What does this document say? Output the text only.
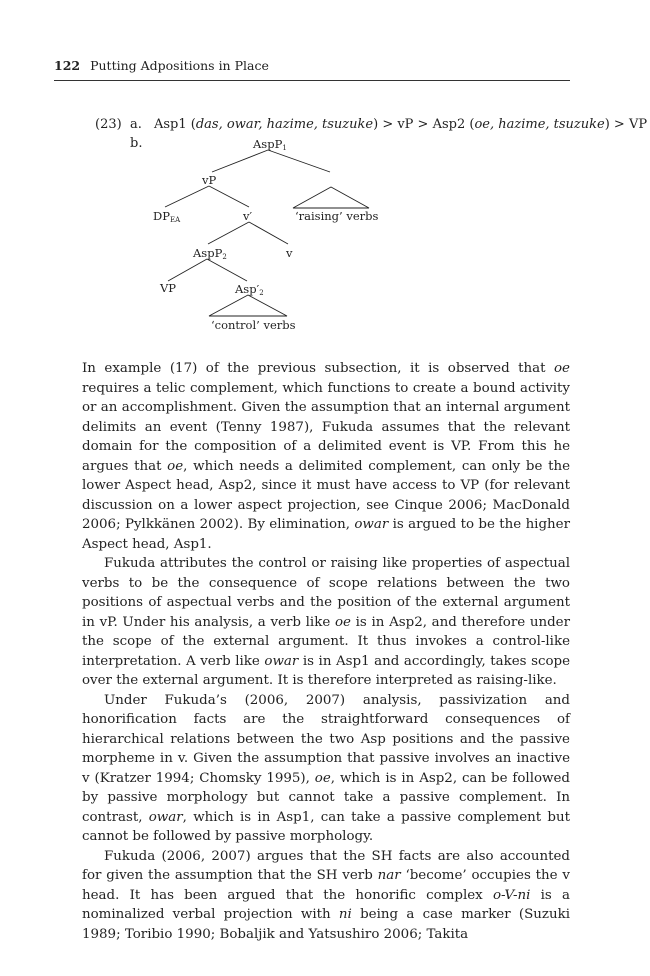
122 Putting Adpositions in Place
(23) a. Asp1 (das, owar, hazime, tsuzuke) > vP > Asp2 (oe, hazime, tsuzuke) > VP
b.	AspP1
vP
DPEA	v′	‘raising’ verbs
AspP2	v
VP	Asp′2
‘control’ verbs

In example (17) of the previous subsection, it is observed that oe requires a telic complement, which functions to create a bound activity or an accomplishment. Given the assumption that an internal argument delimits an event (Tenny 1987), Fukuda assumes that the relevant domain for the composition of a delimited event is VP. From this he argues that oe, which needs a delimited complement, can only be the lower Aspect head, Asp2, since it must have access to VP (for relevant discussion on a lower aspect projection, see Cinque 2006; MacDonald 2006; Pylkkänen 2002). By elimination, owar is argued to be the higher Aspect head, Asp1.

Fukuda attributes the control or raising like properties of aspectual verbs to be the consequence of scope relations between the two positions of aspectual verbs and the position of the external argument in vP. Under his analysis, a verb like oe is in Asp2, and therefore under the scope of the external argument. It thus invokes a control-like interpretation. A verb like owar is in Asp1 and accordingly, takes scope over the external argument. It is therefore interpreted as raising-like.

Under Fukuda’s (2006, 2007) analysis, passivization and honorification facts are the straightforward consequences of hierarchical relations between the two Asp positions and the passive morpheme in v. Given the assumption that passive involves an inactive v (Kratzer 1994; Chomsky 1995), oe, which is in Asp2, can be followed by passive morphology but cannot take a passive complement. In contrast, owar, which is in Asp1, can take a passive complement but cannot be followed by passive morphology.

Fukuda (2006, 2007) argues that the SH facts are also accounted for given the assumption that the SH verb nar ‘become’ occupies the v head. It has been argued that the honorific complex o-V-ni is a nominalized verbal projection with ni being a case marker (Suzuki 1989; Toribio 1990; Bobaljik and Yatsushiro 2006; Takita
